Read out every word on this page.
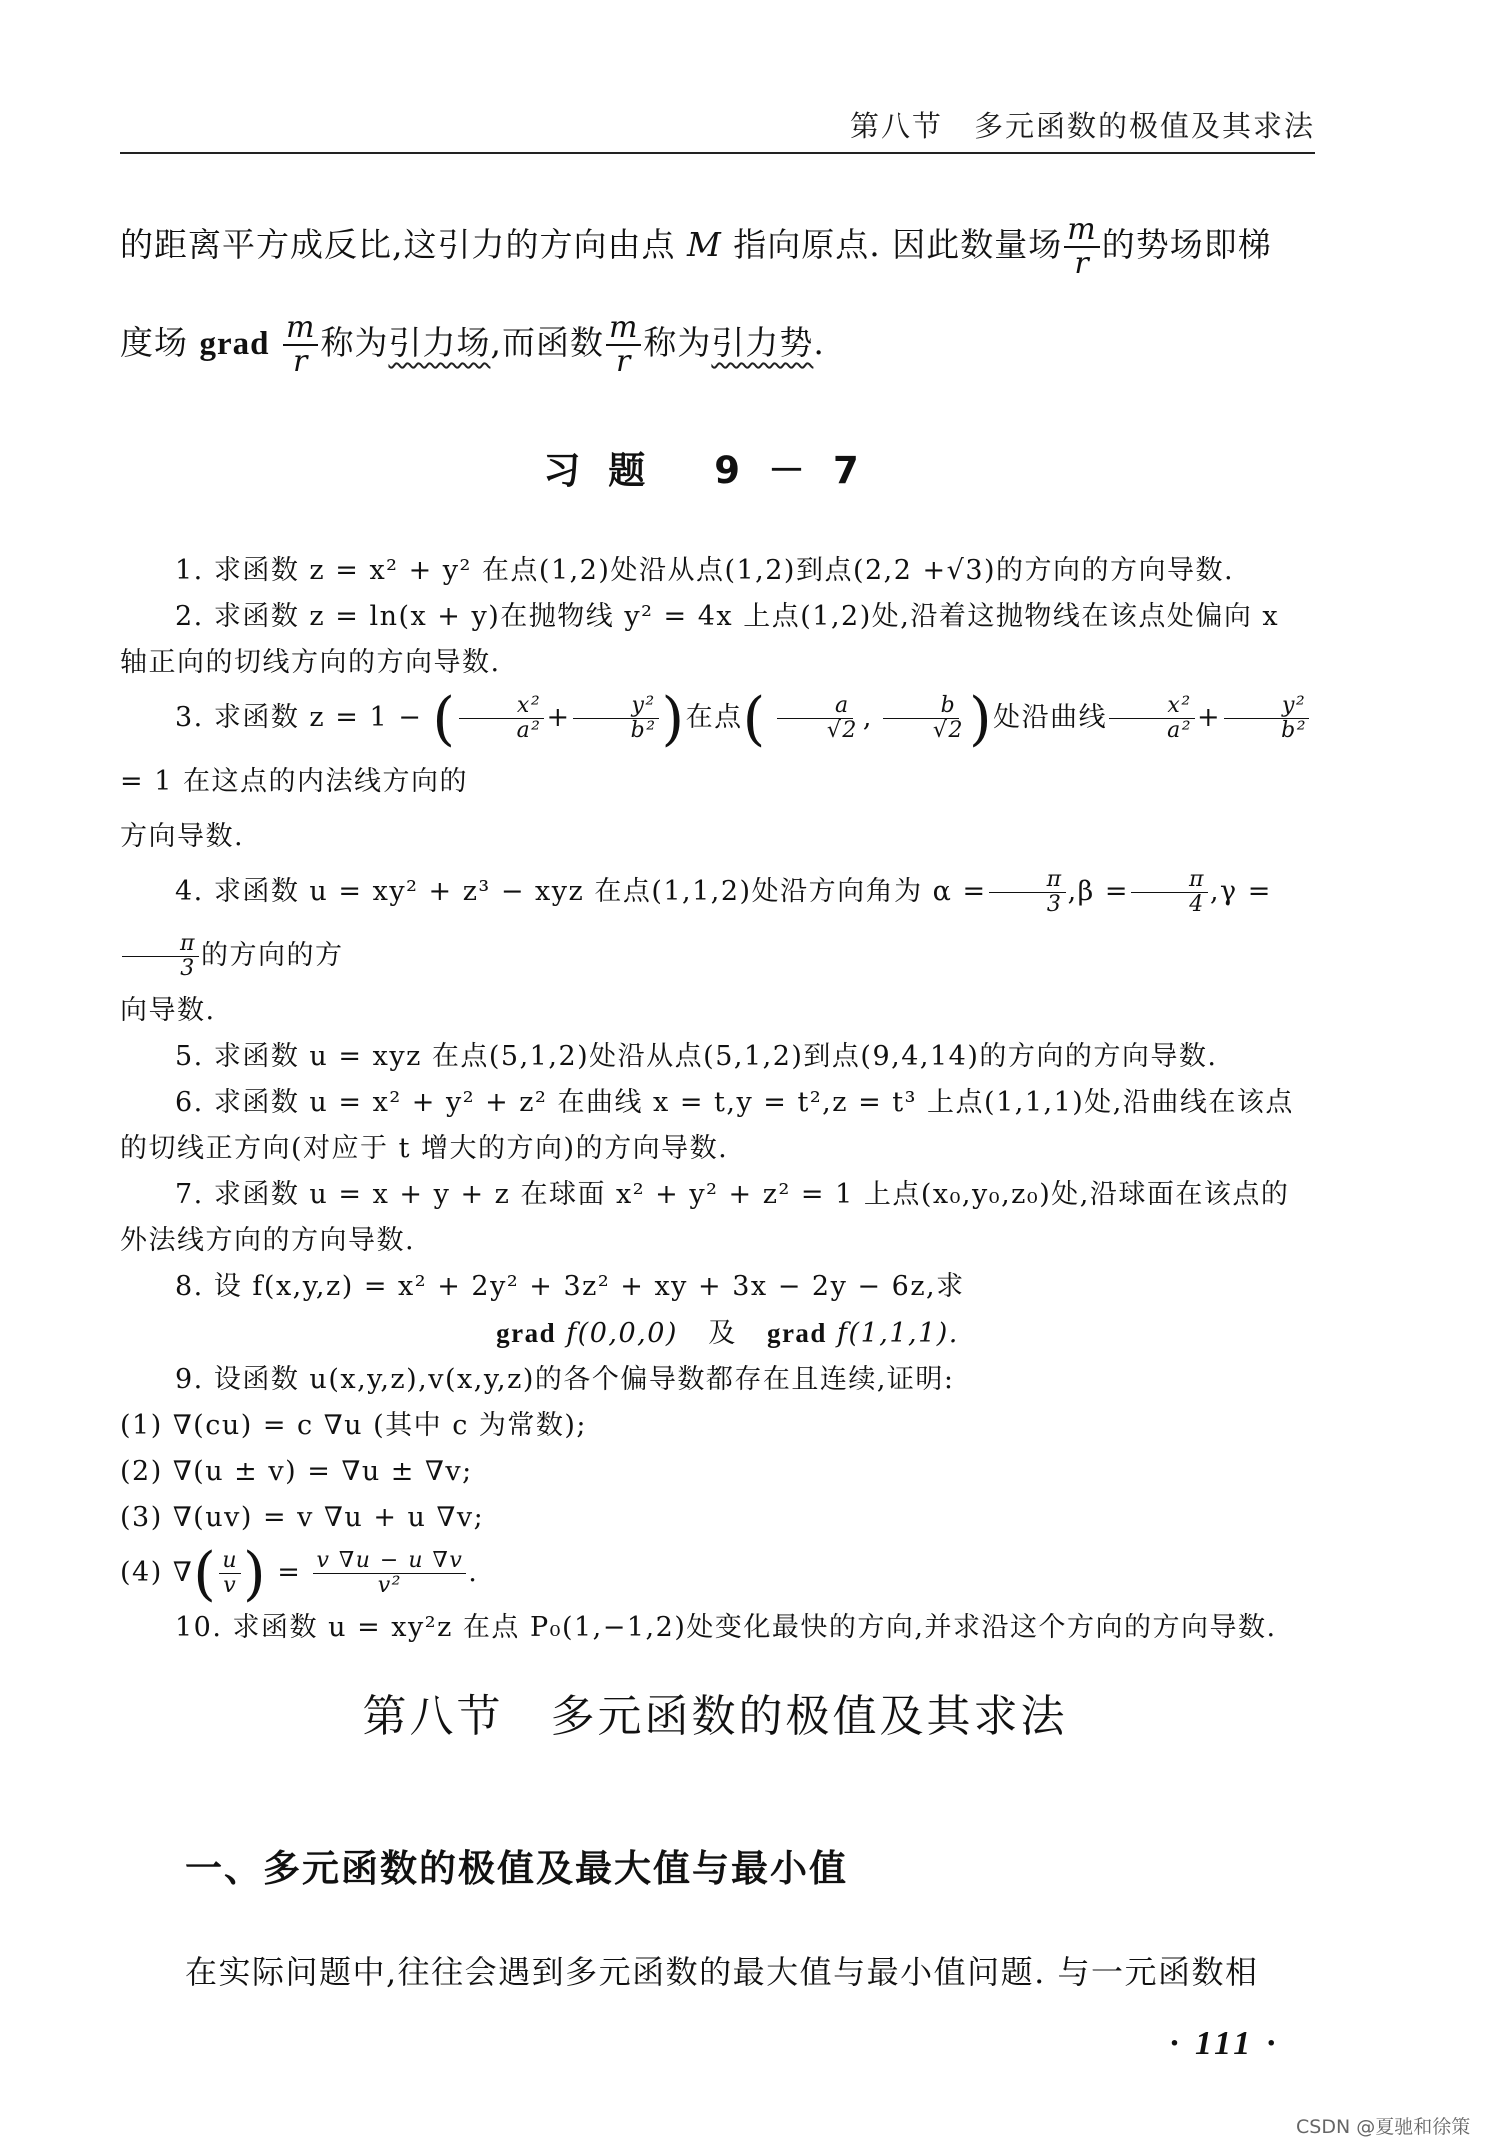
第八节　多元函数的极值及其求法
的距离平方成反比,这引力的方向由点 M 指向原点. 因此数量场 $\frac{m}{r}$ 的势场即梯
度场 grad $\frac{m}{r}$ 称为引力场,而函数 $\frac{m}{r}$ 称为引力势.
习题 9－7

1. 求函数 z = x² + y² 在点(1,2)处沿从点(1,2)到点(2,2 +√3)的方向的方向导数.

2. 求函数 z = ln(x + y)在抛物线 y² = 4x 上点(1,2)处,沿着这抛物线在该点处偏向 x 轴正向的切线方向的方向导数.

3. 求函数 z = 1 − ( $\frac{\text{x²}}{\text{a²}} + \frac{\text{y²}}{\text{b²}}$ )在点( $\frac{a}{√2}$ , $\frac{b}{√2}$ )处沿曲线 $\frac{\text{x²}}{\text{a²}} + \frac{\text{y²}}{\text{b²}}$
= 1 在这点的内法线方向的

方向导数.

4. 求函数 u = xy² + z³ − xyz 在点(1,1,2)处沿方向角为 $\alpha = \frac{\pi}{3} ,\beta = \frac{\pi}{4} ,\gamma$ =
$\frac{\pi}{3}$ 的方向的方

向导数.

5. 求函数 u = xyz 在点(5,1,2)处沿从点(5,1,2)到点(9,4,14)的方向的方向导数.

6. 求函数 u = x² + y² + z² 在曲线 x = t,y = t²,z = t³ 上点(1,1,1)处,沿曲线在该点的切线正方向(对应于 t 增大的方向)的方向导数.

7. 求函数 u = x + y + z 在球面 x² + y² + z² = 1 上点(x₀,y₀,z₀)处,沿球面在该点的外法线方向的方向导数.

8. 设 f(x,y,z) = x² + 2y² + 3z² + xy + 3x − 2y − 6z,求

grad f(0,0,0) 及 grad f(1,1,1).

9. 设函数 u(x,y,z),v(x,y,z)的各个偏导数都存在且连续,证明:

(1) ∇(cu) = c ∇u (其中 c 为常数);

(2) ∇(u ± v) = ∇u ± ∇v;

(3) ∇(uv) = v ∇u + u ∇v;

(4) ∇( $\frac{u}{v}$ ) = $\frac{v \nabla u - u \nabla v}{\text{v²}}$ .

10. 求函数 u = xy²z 在点 P₀(1,−1,2)处变化最快的方向,并求沿这个方向的方向导数.

第八节　多元函数的极值及其求法
一、多元函数的极值及最大值与最小值
在实际问题中,往往会遇到多元函数的最大值与最小值问题. 与一元函数相
· 111 ·
CSDN @夏驰和徐策
